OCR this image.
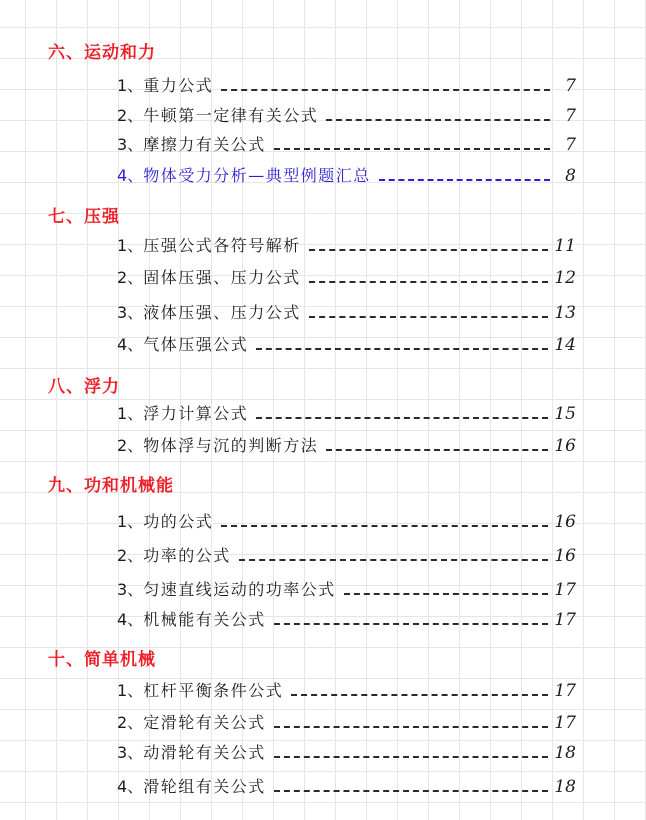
六、运动和力
1、 重力公式	7
2、 牛顿第一定律有关公式	7
3、 摩擦力有关公式	7
4、 物体受力分析—典型例题汇总	8
七、压强
1、 压强公式各符号解析	11
2、 固体压强、压力公式	12
3、 液体压强、压力公式	13
4、 气体压强公式	14
八、浮力
1、 浮力计算公式	15
2、 物体浮与沉的判断方法	16
九、功和机械能
1、 功的公式	16
2、 功率的公式	16
3、 匀速直线运动的功率公式	17
4、 机械能有关公式	17
十、简单机械
1、 杠杆平衡条件公式	17
2、 定滑轮有关公式	17
3、 动滑轮有关公式	18
4、 滑轮组有关公式	18
